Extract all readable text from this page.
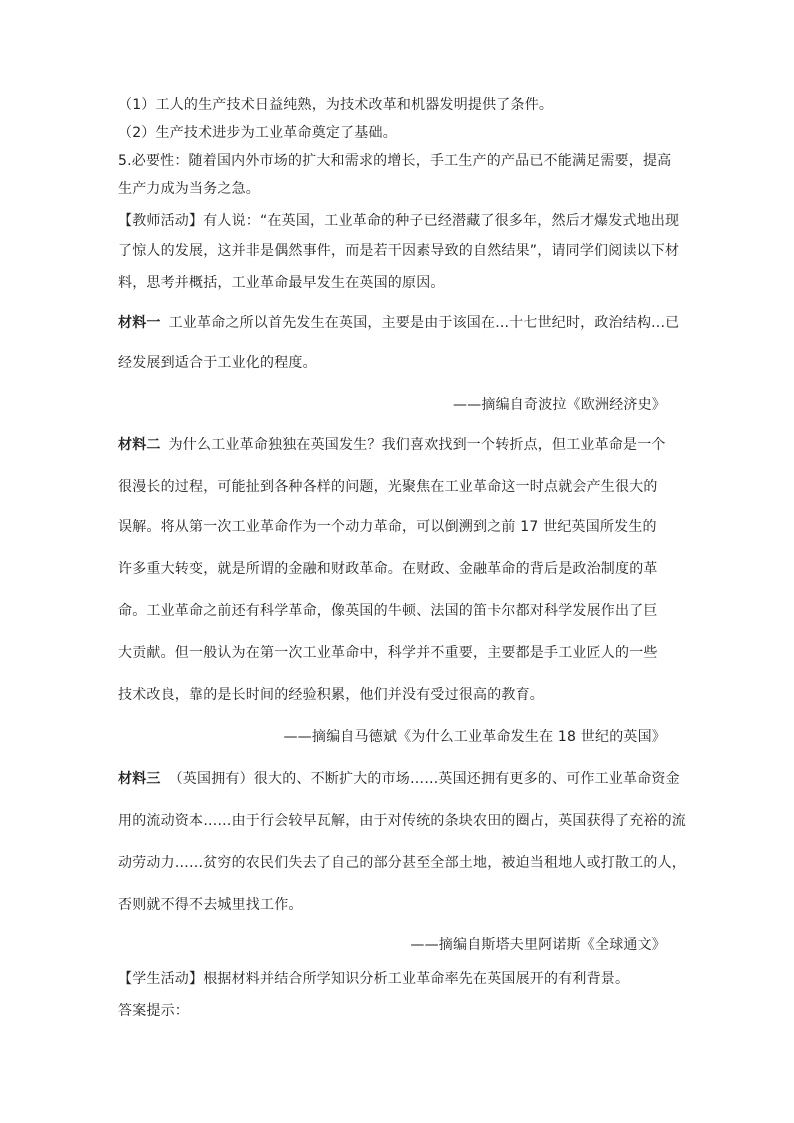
（1）工人的生产技术日益纯熟，为技术改革和机器发明提供了条件。
（2）生产技术进步为工业革命奠定了基础。
5.必要性：随着国内外市场的扩大和需求的增长，手工生产的产品已不能满足需要，提高
生产力成为当务之急。
【教师活动】有人说：“在英国，工业革命的种子已经潜藏了很多年，然后才爆发式地出现
了惊人的发展，这并非是偶然事件，而是若干因素导致的自然结果”，请同学们阅读以下材
料，思考并概括，工业革命最早发生在英国的原因。
材料一 工业革命之所以首先发生在英国，主要是由于该国在...十七世纪时，政治结构...已
经发展到适合于工业化的程度。
——摘编自奇波拉《欧洲经济史》
材料二 为什么工业革命独独在英国发生？我们喜欢找到一个转折点，但工业革命是一个
很漫长的过程，可能扯到各种各样的问题，光聚焦在工业革命这一时点就会产生很大的
误解。将从第一次工业革命作为一个动力革命，可以倒溯到之前 17 世纪英国所发生的
许多重大转变，就是所谓的金融和财政革命。在财政、金融革命的背后是政治制度的革
命。工业革命之前还有科学革命，像英国的牛顿、法国的笛卡尔都对科学发展作出了巨
大贡献。但一般认为在第一次工业革命中，科学并不重要，主要都是手工业匠人的一些
技术改良，靠的是长时间的经验积累，他们并没有受过很高的教育。
——摘编自马德斌《为什么工业革命发生在 18 世纪的英国》
材料三 （英国拥有）很大的、不断扩大的市场……英国还拥有更多的、可作工业革命资金
用的流动资本……由于行会较早瓦解，由于对传统的条块农田的圈占，英国获得了充裕的流
动劳动力……贫穷的农民们失去了自己的部分甚至全部土地，被迫当租地人或打散工的人，
否则就不得不去城里找工作。
——摘编自斯塔夫里阿诺斯《全球通文》
【学生活动】根据材料并结合所学知识分析工业革命率先在英国展开的有利背景。
答案提示：
